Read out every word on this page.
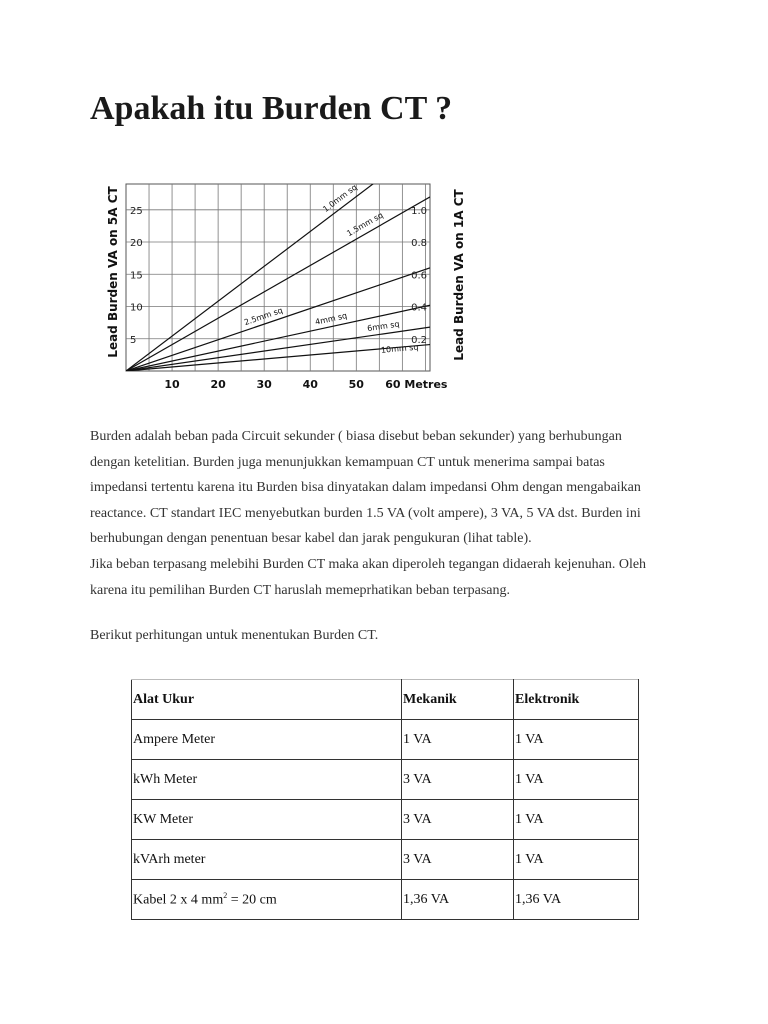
Apakah itu Burden CT ?
1.0mm sq
1.5mm sq
2.5mm sq	4mm sq 6mm sq
10mm sq
10	20	30	40	50 60 Metres
5
10
15
20
25
0.2
0.4
0.6
0.8
1.0
Lead Burden VA on 5A CT	Lead Burden VA on 1A CT

Burden adalah beban pada Circuit sekunder ( biasa disebut beban sekunder) yang berhubungan

dengan ketelitian. Burden juga menunjukkan kemampuan CT untuk menerima sampai batas

impedansi tertentu karena itu Burden bisa dinyatakan dalam impedansi Ohm dengan mengabaikan

reactance. CT standart IEC menyebutkan burden 1.5 VA (volt ampere), 3 VA, 5 VA dst. Burden ini

berhubungan dengan penentuan besar kabel dan jarak pengukuran (lihat table).

Jika beban terpasang melebihi Burden CT maka akan diperoleh tegangan didaerah kejenuhan. Oleh

karena itu pemilihan Burden CT haruslah memeprhatikan beban terpasang.

Berikut perhitungan untuk menentukan Burden CT.

Alat Ukur	Mekanik	Elektronik
Ampere Meter	1 VA	1 VA
kWh Meter	3 VA	1 VA
KW Meter	3 VA	1 VA
kVArh meter	3 VA	1 VA
Kabel 2 x 4 $mm^2 = 20$ cm	1,36 VA	1,36 VA
